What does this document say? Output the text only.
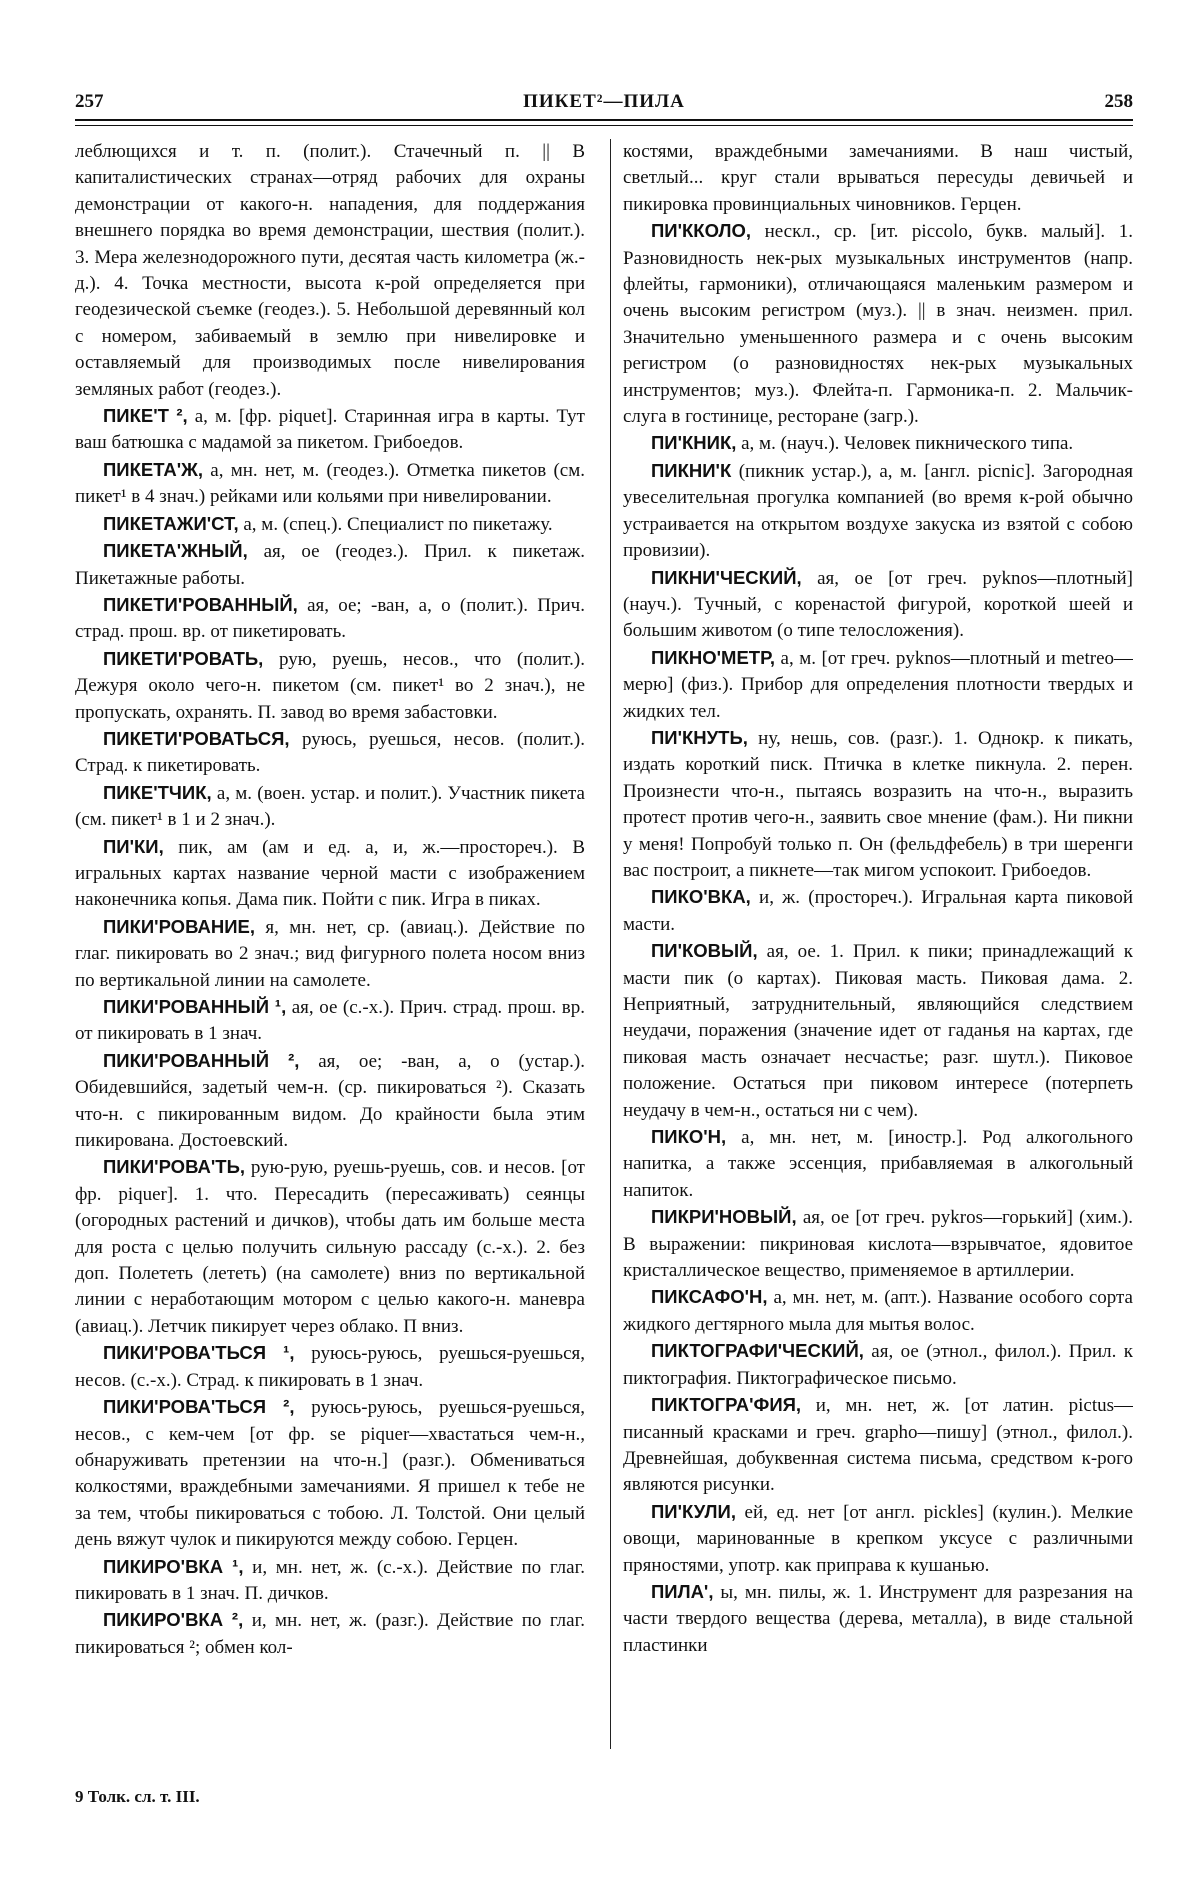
257	ПИКЕТ²—ПИЛА	258

леблющихся и т. п. (полит.). Стачечный п. || В капиталистических странах—отряд рабочих для охраны демонстрации от какого-н. нападения, для поддержания внешнего порядка во время демонстрации, шествия (полит.). 3. Мера железнодорожного пути, десятая часть километра (ж.-д.). 4. Точка местности, высота к-рой определяется при геодезической съемке (геодез.). 5. Небольшой деревянный кол с номером, забиваемый в землю при нивелировке и оставляемый для производимых после нивелирования земляных работ (геодез.).

ПИКЕ'Т ², а, м. [фр. piquet]. Старинная игра в карты. Тут ваш батюшка с мадамой за пикетом. Грибоедов.

ПИКЕТА'Ж, а, мн. нет, м. (геодез.). Отметка пикетов (см. пикет¹ в 4 знач.) рейками или кольями при нивелировании.

ПИКЕТАЖИ'СТ, а, м. (спец.). Специалист по пикетажу.

ПИКЕТА'ЖНЫЙ, ая, ое (геодез.). Прил. к пикетаж. Пикетажные работы.

ПИКЕТИ'РОВАННЫЙ, ая, ое; -ван, а, о (полит.). Прич. страд. прош. вр. от пикетировать.

ПИКЕТИ'РОВАТЬ, рую, руешь, несов., что (полит.). Дежуря около чего-н. пикетом (см. пикет¹ во 2 знач.), не пропускать, охранять. П. завод во время забастовки.

ПИКЕТИ'РОВАТЬСЯ, руюсь, руешься, несов. (полит.). Страд. к пикетировать.

ПИКЕ'ТЧИК, а, м. (воен. устар. и полит.). Участник пикета (см. пикет¹ в 1 и 2 знач.).

ПИ'КИ, пик, ам (ам и ед. а, и, ж.—простореч.). В игральных картах название черной масти с изображением наконечника копья. Дама пик. Пойти с пик. Игра в пиках.

ПИКИ'РОВАНИЕ, я, мн. нет, ср. (авиац.). Действие по глаг. пикировать во 2 знач.; вид фигурного полета носом вниз по вертикальной линии на самолете.

ПИКИ'РОВАННЫЙ ¹, ая, ое (с.-х.). Прич. страд. прош. вр. от пикировать в 1 знач.

ПИКИ'РОВАННЫЙ ², ая, ое; -ван, а, о (устар.). Обидевшийся, задетый чем-н. (ср. пикироваться ²). Сказать что-н. с пикированным видом. До крайности была этим пикирована. Достоевский.

ПИКИ'РОВА'ТЬ, рую-рую, руешь-руешь, сов. и несов. [от фр. piquer]. 1. что. Пересадить (пересаживать) сеянцы (огородных растений и дичков), чтобы дать им больше места для роста с целью получить сильную рассаду (с.-х.). 2. без доп. Полететь (лететь) (на самолете) вниз по вертикальной линии с неработающим мотором с целью какого-н. маневра (авиац.). Летчик пикирует через облако. П вниз.

ПИКИ'РОВА'ТЬСЯ ¹, руюсь-руюсь, руешься-руешься, несов. (с.-х.). Страд. к пикировать в 1 знач.

ПИКИ'РОВА'ТЬСЯ ², руюсь-руюсь, руешься-руешься, несов., с кем-чем [от фр. se piquer—хвастаться чем-н., обнаруживать претензии на что-н.] (разг.). Обмениваться колкостями, враждебными замечаниями. Я пришел к тебе не за тем, чтобы пикироваться с тобою. Л. Толстой. Они целый день вяжут чулок и пикируются между собою. Герцен.

ПИКИРО'ВКА ¹, и, мн. нет, ж. (с.-х.). Действие по глаг. пикировать в 1 знач. П. дичков.

ПИКИРО'ВКА ², и, мн. нет, ж. (разг.). Действие по глаг. пикироваться ²; обмен кол-

костями, враждебными замечаниями. В наш чистый, светлый... круг стали врываться пересуды девичьей и пикировка провинциальных чиновников. Герцен.

ПИ'ККОЛО, нескл., ср. [ит. piccolo, букв. малый]. 1. Разновидность нек-рых музыкальных инструментов (напр. флейты, гармоники), отличающаяся маленьким размером и очень высоким регистром (муз.). || в знач. неизмен. прил. Значительно уменьшенного размера и с очень высоким регистром (о разновидностях нек-рых музыкальных инструментов; муз.). Флейта-п. Гармоника-п. 2. Мальчик-слуга в гостинице, ресторане (загр.).

ПИ'КНИК, а, м. (науч.). Человек пикнического типа.

ПИКНИ'К (пикник устар.), а, м. [англ. picnic]. Загородная увеселительная прогулка компанией (во время к-рой обычно устраивается на открытом воздухе закуска из взятой с собою провизии).

ПИКНИ'ЧЕСКИЙ, ая, ое [от греч. pyknos—плотный] (науч.). Тучный, с коренастой фигурой, короткой шеей и большим животом (о типе телосложения).

ПИКНО'МЕТР, а, м. [от греч. pyknos—плотный и metreo—мерю] (физ.). Прибор для определения плотности твердых и жидких тел.

ПИ'КНУТЬ, ну, нешь, сов. (разг.). 1. Однокр. к пикать, издать короткий писк. Птичка в клетке пикнула. 2. перен. Произнести что-н., пытаясь возразить на что-н., выразить протест против чего-н., заявить свое мнение (фам.). Ни пикни у меня! Попробуй только п. Он (фельдфебель) в три шеренги вас построит, а пикнете—так мигом успокоит. Грибоедов.

ПИКО'ВКА, и, ж. (простореч.). Игральная карта пиковой масти.

ПИ'КОВЫЙ, ая, ое. 1. Прил. к пики; принадлежащий к масти пик (о картах). Пиковая масть. Пиковая дама. 2. Неприятный, затруднительный, являющийся следствием неудачи, поражения (значение идет от гаданья на картах, где пиковая масть означает несчастье; разг. шутл.). Пиковое положение. Остаться при пиковом интересе (потерпеть неудачу в чем-н., остаться ни с чем).

ПИКО'Н, а, мн. нет, м. [иностр.]. Род алкогольного напитка, а также эссенция, прибавляемая в алкогольный напиток.

ПИКРИ'НОВЫЙ, ая, ое [от греч. pykros—горький] (хим.). В выражении: пикриновая кислота—взрывчатое, ядовитое кристаллическое вещество, применяемое в артиллерии.

ПИКСАФО'Н, а, мн. нет, м. (апт.). Название особого сорта жидкого дегтярного мыла для мытья волос.

ПИКТОГРАФИ'ЧЕСКИЙ, ая, ое (этнол., филол.). Прил. к пиктография. Пиктографическое письмо.

ПИКТОГРА'ФИЯ, и, мн. нет, ж. [от латин. pictus—писанный красками и греч. grapho—пишу] (этнол., филол.). Древнейшая, добуквенная система письма, средством к-рого являются рисунки.

ПИ'КУЛИ, ей, ед. нет [от англ. pickles] (кулин.). Мелкие овощи, маринованные в крепком уксусе с различными пряностями, употр. как приправа к кушанью.

ПИЛА', ы, мн. пилы, ж. 1. Инструмент для разрезания на части твердого вещества (дерева, металла), в виде стальной пластинки

9 Толк. сл. т. III.
